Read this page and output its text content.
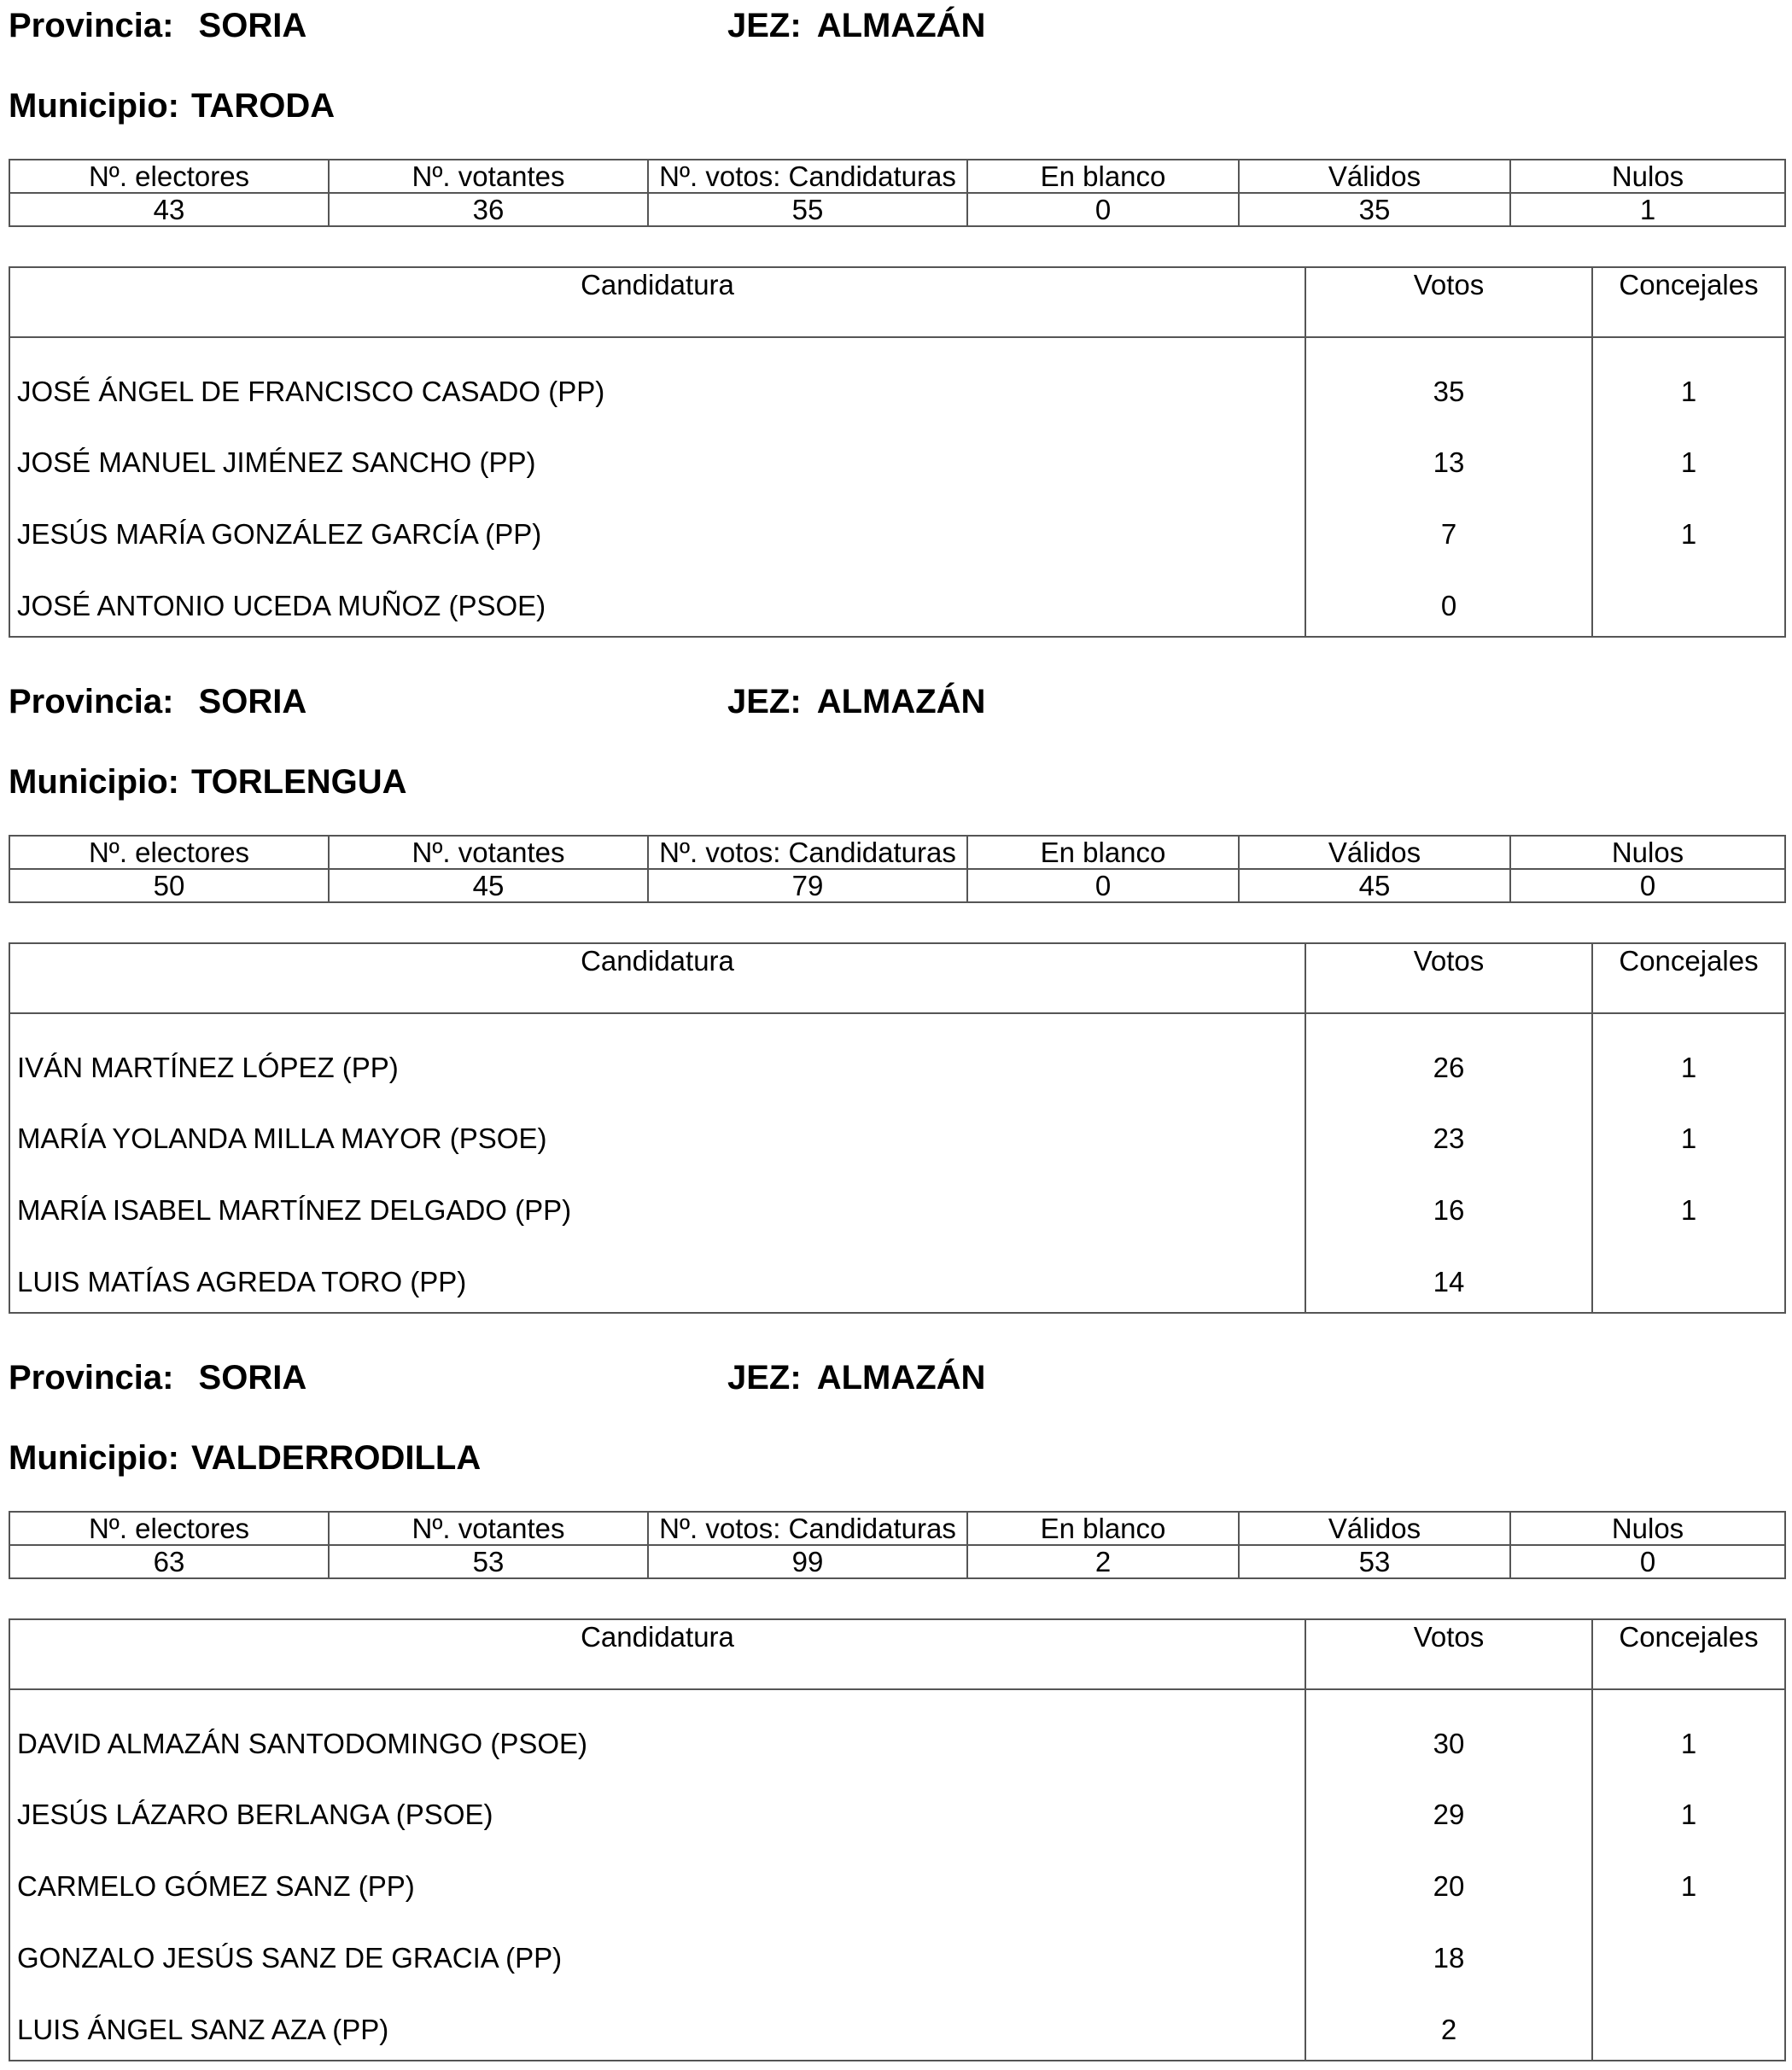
Provincia: SORIA	JEZ: ALMAZÁN
Municipio: TARODA
Nº. electores	Nº. votantes	Nº. votos: Candidaturas	En blanco	Válidos	Nulos
43	36	55	0	35	1
Candidatura	Votos	Concejales
JOSÉ ÁNGEL DE FRANCISCO CASADO (PP)	35	1
JOSÉ MANUEL JIMÉNEZ SANCHO (PP)	13	1
JESÚS MARÍA GONZÁLEZ GARCÍA (PP)	7	1
JOSÉ ANTONIO UCEDA MUÑOZ (PSOE)	0	
Provincia: SORIA	JEZ: ALMAZÁN
Municipio: TORLENGUA
Nº. electores	Nº. votantes	Nº. votos: Candidaturas	En blanco	Válidos	Nulos
50	45	79	0	45	0
Candidatura	Votos	Concejales
IVÁN MARTÍNEZ LÓPEZ (PP)	26	1
MARÍA YOLANDA MILLA MAYOR (PSOE)	23	1
MARÍA ISABEL MARTÍNEZ DELGADO (PP)	16	1
LUIS MATÍAS AGREDA TORO (PP)	14	
Provincia: SORIA	JEZ: ALMAZÁN
Municipio: VALDERRODILLA
Nº. electores	Nº. votantes	Nº. votos: Candidaturas	En blanco	Válidos	Nulos
63	53	99	2	53	0
Candidatura	Votos	Concejales
DAVID ALMAZÁN SANTODOMINGO (PSOE)	30	1
JESÚS LÁZARO BERLANGA (PSOE)	29	1
CARMELO GÓMEZ SANZ (PP)	20	1
GONZALO JESÚS SANZ DE GRACIA (PP)	18	
LUIS ÁNGEL SANZ AZA (PP)	2	
